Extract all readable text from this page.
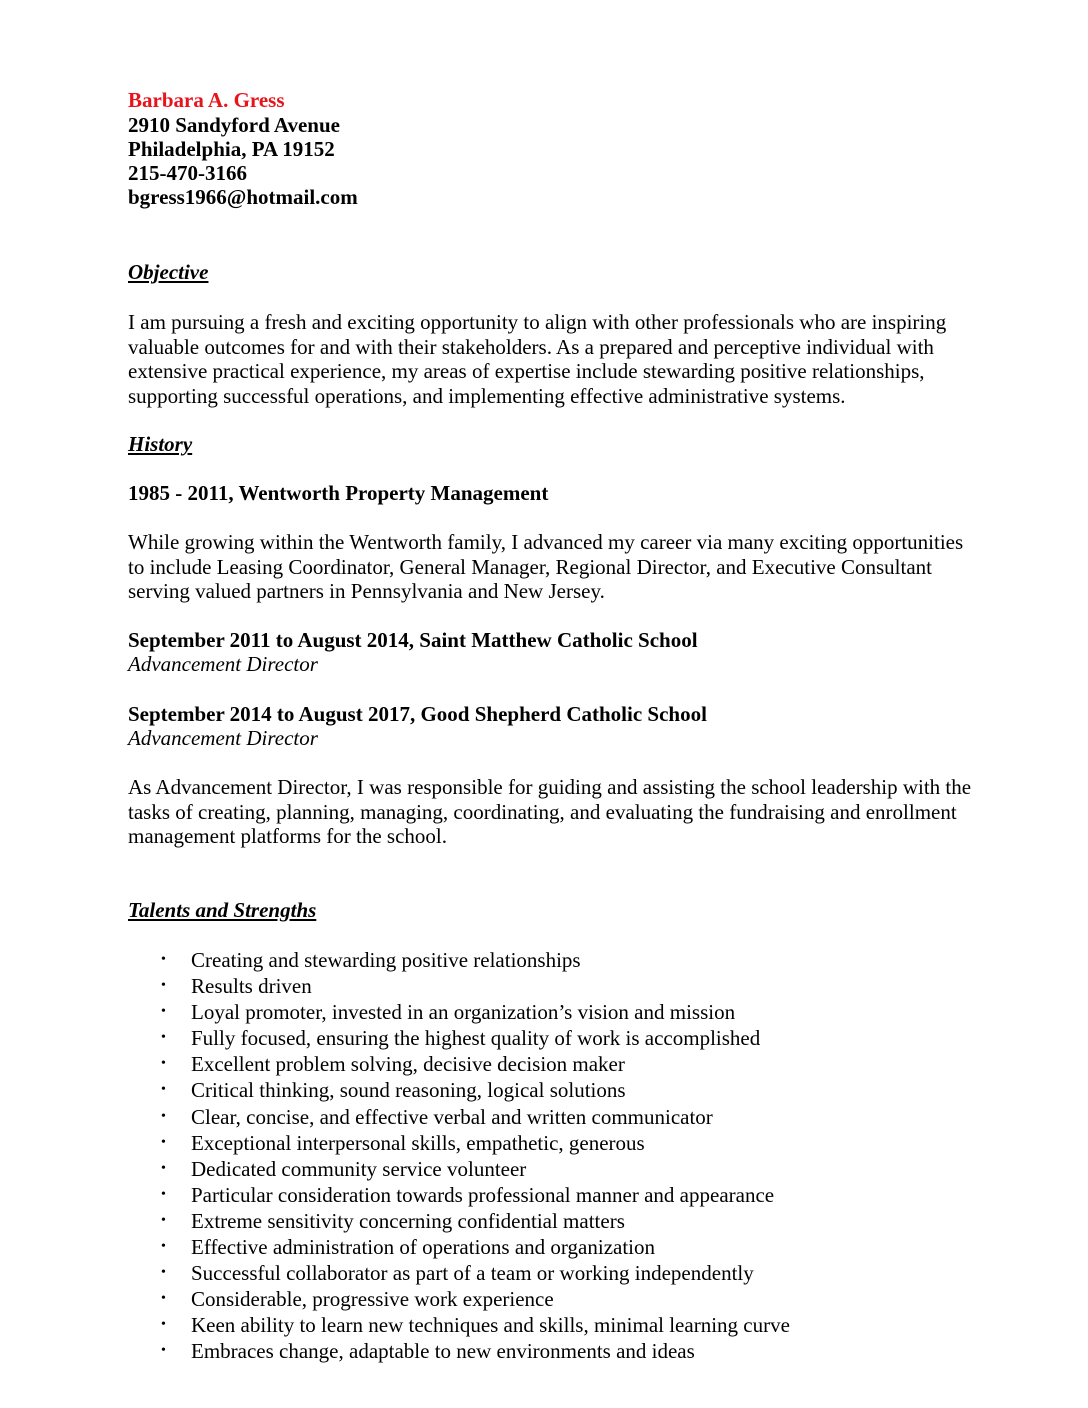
Barbara A. Gress
2910 Sandyford Avenue
Philadelphia, PA 19152
215-470-3166
bgress1966@hotmail.com
Objective
I am pursuing a fresh and exciting opportunity to align with other professionals who are inspiring valuable outcomes for and with their stakeholders. As a prepared and perceptive individual with extensive practical experience, my areas of expertise include stewarding positive relationships, supporting successful operations, and implementing effective administrative systems.
History
1985 - 2011, Wentworth Property Management
While growing within the Wentworth family, I advanced my career via many exciting opportunities to include Leasing Coordinator, General Manager, Regional Director, and Executive Consultant serving valued partners in Pennsylvania and New Jersey.
September 2011 to August 2014, Saint Matthew Catholic School
Advancement Director
September 2014 to August 2017, Good Shepherd Catholic School
Advancement Director
As Advancement Director, I was responsible for guiding and assisting the school leadership with the tasks of creating, planning, managing, coordinating, and evaluating the fundraising and enrollment management platforms for the school.
Talents and Strengths
• Creating and stewarding positive relationships
• Results driven
• Loyal promoter, invested in an organization’s vision and mission
• Fully focused, ensuring the highest quality of work is accomplished
• Excellent problem solving, decisive decision maker
• Critical thinking, sound reasoning, logical solutions
• Clear, concise, and effective verbal and written communicator
• Exceptional interpersonal skills, empathetic, generous
• Dedicated community service volunteer
• Particular consideration towards professional manner and appearance
• Extreme sensitivity concerning confidential matters
• Effective administration of operations and organization
• Successful collaborator as part of a team or working independently
• Considerable, progressive work experience
• Keen ability to learn new techniques and skills, minimal learning curve
• Embraces change, adaptable to new environments and ideas
